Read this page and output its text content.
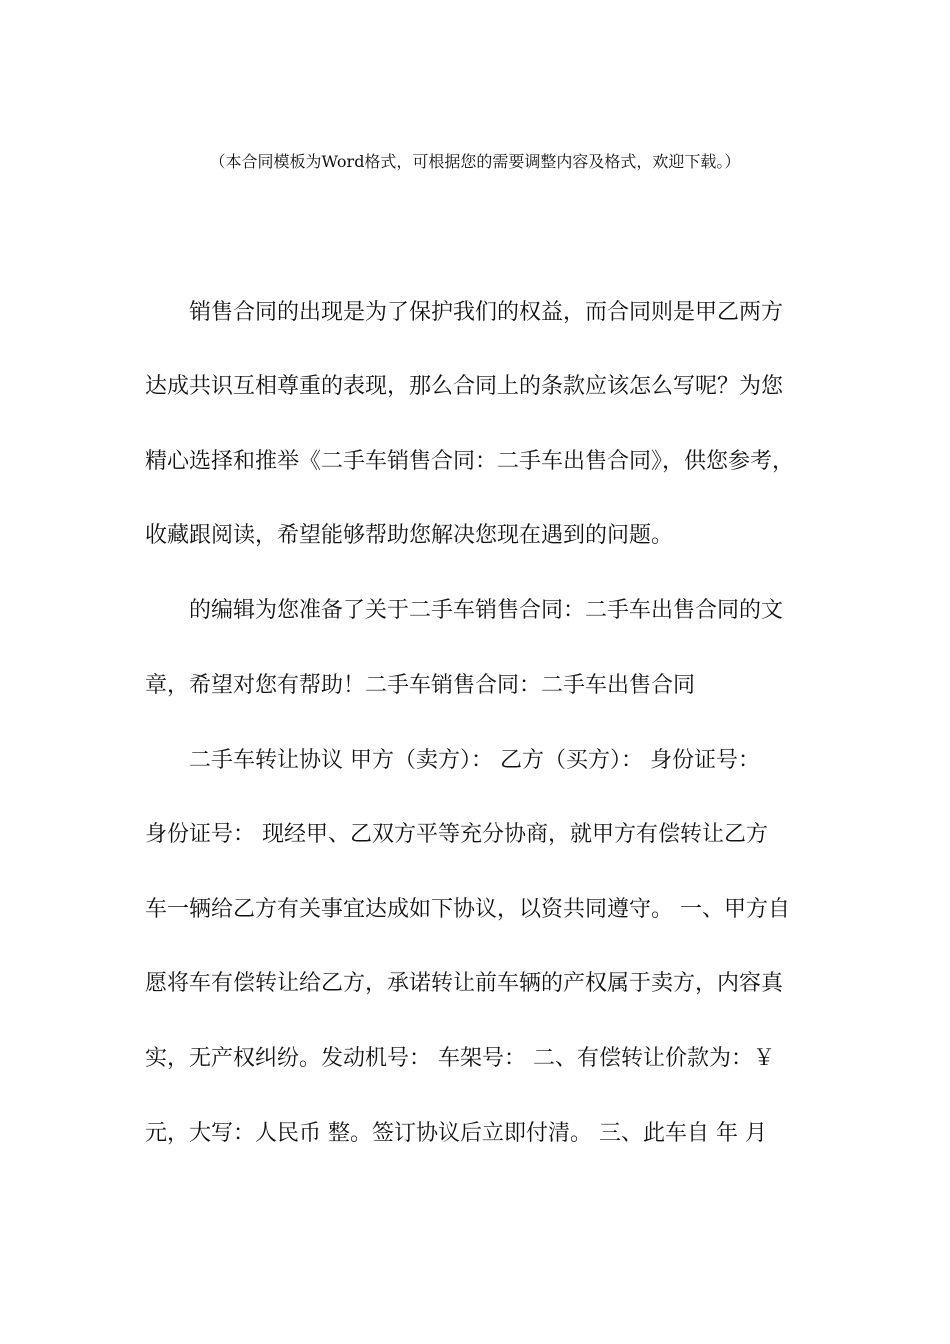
（本合同模板为Word格式，可根据您的需要调整内容及格式，欢迎下载。）
销售合同的出现是为了保护我们的权益，而合同则是甲乙两方
达成共识互相尊重的表现，那么合同上的条款应该怎么写呢？为您
精心选择和推举《二手车销售合同：二手车出售合同》，供您参考，
收藏跟阅读，希望能够帮助您解决您现在遇到的问题。
的编辑为您准备了关于二手车销售合同：二手车出售合同的文
章，希望对您有帮助！二手车销售合同：二手车出售合同
二手车转让协议 甲方（卖方）： 乙方（买方）： 身份证号：
身份证号： 现经甲、乙双方平等充分协商，就甲方有偿转让乙方
车一辆给乙方有关事宜达成如下协议，以资共同遵守。 一、甲方自
愿将车有偿转让给乙方，承诺转让前车辆的产权属于卖方，内容真
实，无产权纠纷。发动机号： 车架号： 二、有偿转让价款为：￥
元，大写：人民币 整。签订协议后立即付清。 三、此车自 年 月
